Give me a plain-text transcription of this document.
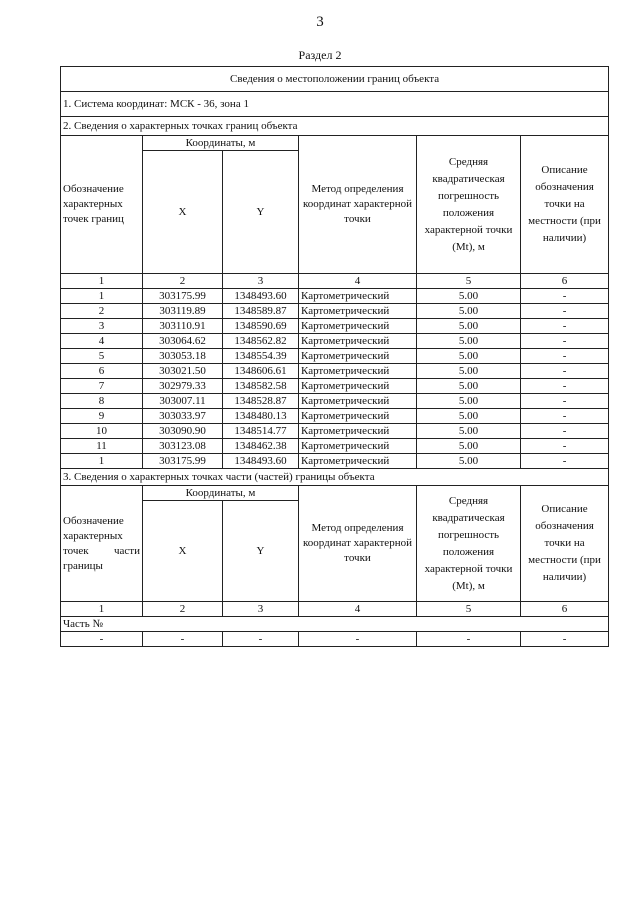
3
Раздел 2
Сведения о местоположении границ объекта					
1. Система координат: МСК - 36, зона 1					
2. Сведения о характерных точках границ объекта					
Обозначение характерных точек границ	Координаты, м		Метод определения координат характерной точки	Средняя квадратическая погрешность положения характерной точки (Mt), м	Описание обозначения точки на местности (при наличии)
	X	Y			
1	2	3	4	5	6
1	303175.99	1348493.60	Картометрический	5.00	-
2	303119.89	1348589.87	Картометрический	5.00	-
3	303110.91	1348590.69	Картометрический	5.00	-
4	303064.62	1348562.82	Картометрический	5.00	-
5	303053.18	1348554.39	Картометрический	5.00	-
6	303021.50	1348606.61	Картометрический	5.00	-
7	302979.33	1348582.58	Картометрический	5.00	-
8	303007.11	1348528.87	Картометрический	5.00	-
9	303033.97	1348480.13	Картометрический	5.00	-
10	303090.90	1348514.77	Картометрический	5.00	-
11	303123.08	1348462.38	Картометрический	5.00	-
1	303175.99	1348493.60	Картометрический	5.00	-
3. Сведения о характерных точках части (частей) границы объекта					
Обозначение характерных точек части границы	Координаты, м		Метод определения координат характерной точки	Средняя квадратическая погрешность положения характерной точки (Mt), м	Описание обозначения точки на местности (при наличии)
	X	Y			
1	2	3	4	5	6
Часть №					
-	-	-	-	-	-
